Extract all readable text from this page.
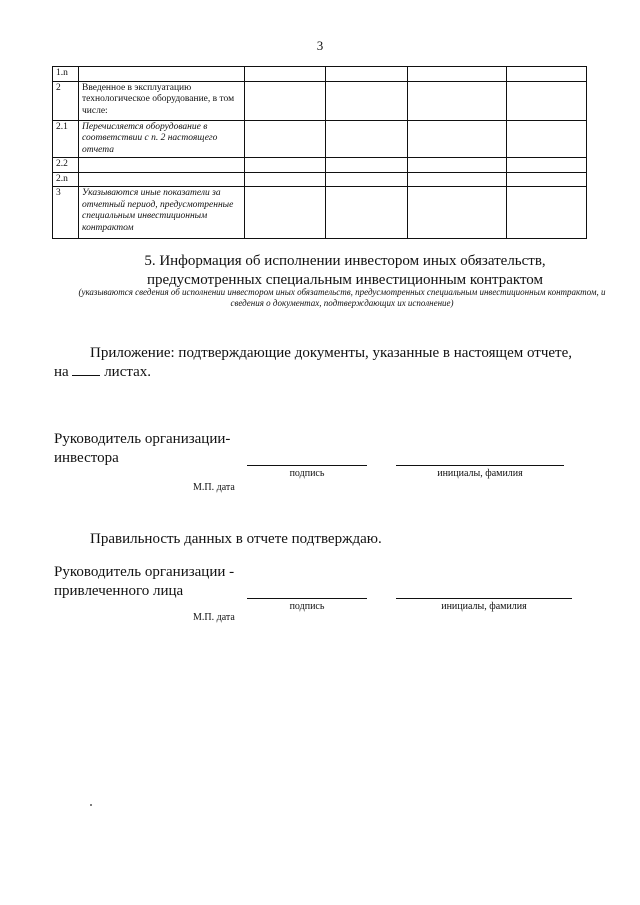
3
1.n					
2	Введенное в эксплуатацию технологическое оборудование, в том числе:				
2.1	Перечисляется оборудование в соответствии с п. 2 настоящего отчета				
2.2					
2.n					
3	Указываются иные показатели за отчетный период, предусмотренные специальным инвестиционным контрактом				
5. Информация об исполнении инвестором иных обязательств,
предусмотренных специальным инвестиционным контрактом
(указываются сведения об исполнении инвестором иных обязательств, предусмотренных специальным инвестиционным контрактом, и сведения о документах, подтверждающих их исполнение)
Приложение: подтверждающие документы, указанные в настоящем отчете,
на листах.
Руководитель организации-
инвестора
подпись	инициалы, фамилия
М.П. дата
Правильность данных в отчете подтверждаю.
Руководитель организации -
привлеченного лица
подпись	инициалы, фамилия
М.П. дата
